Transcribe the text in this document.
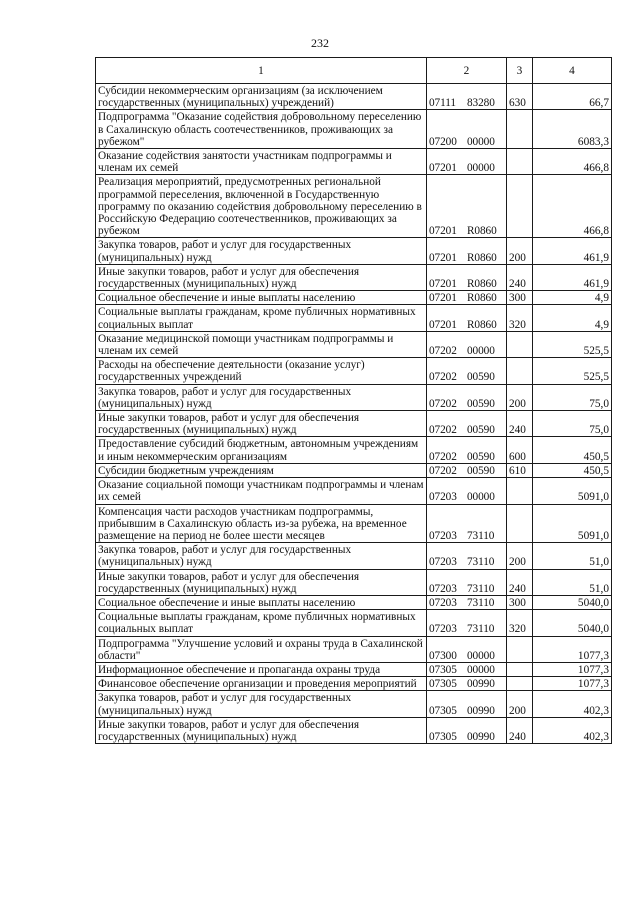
232
1	2	3	4
Субсидии некоммерческим организациям (за исключением государственных (муниципальных) учреждений)	07111 83280	630	66,7
Подпрограмма "Оказание содействия добровольному переселению в Сахалинскую область соотечественников, проживающих за рубежом"	07200 00000		6083,3
Оказание содействия занятости участникам подпрограммы и членам их семей	07201 00000		466,8
Реализация мероприятий, предусмотренных региональной программой переселения, включенной в Государственную программу по оказанию содействия добровольному переселению в Российскую Федерацию соотечественников, проживающих за рубежом	07201 R0860		466,8
Закупка товаров, работ и услуг для государственных (муниципальных) нужд	07201 R0860	200	461,9
Иные закупки товаров, работ и услуг для обеспечения государственных (муниципальных) нужд	07201 R0860	240	461,9
Социальное обеспечение и иные выплаты населению	07201 R0860	300	4,9
Социальные выплаты гражданам, кроме публичных нормативных социальных выплат	07201 R0860	320	4,9
Оказание медицинской помощи участникам подпрограммы и членам их семей	07202 00000		525,5
Расходы на обеспечение деятельности (оказание услуг) государственных учреждений	07202 00590		525,5
Закупка товаров, работ и услуг для государственных (муниципальных) нужд	07202 00590	200	75,0
Иные закупки товаров, работ и услуг для обеспечения государственных (муниципальных) нужд	07202 00590	240	75,0
Предоставление субсидий бюджетным, автономным учреждениям и иным некоммерческим организациям	07202 00590	600	450,5
Субсидии бюджетным учреждениям	07202 00590	610	450,5
Оказание социальной помощи участникам подпрограммы и членам их семей	07203 00000		5091,0
Компенсация части расходов участникам подпрограммы, прибывшим в Сахалинскую область из-за рубежа, на временное размещение на период не более шести месяцев	07203 73110		5091,0
Закупка товаров, работ и услуг для государственных (муниципальных) нужд	07203 73110	200	51,0
Иные закупки товаров, работ и услуг для обеспечения государственных (муниципальных) нужд	07203 73110	240	51,0
Социальное обеспечение и иные выплаты населению	07203 73110	300	5040,0
Социальные выплаты гражданам, кроме публичных нормативных социальных выплат	07203 73110	320	5040,0
Подпрограмма "Улучшение условий и охраны труда в Сахалинской области"	07300 00000		1077,3
Информационное обеспечение и пропаганда охраны труда	07305 00000		1077,3
Финансовое обеспечение организации и проведения мероприятий	07305 00990		1077,3
Закупка товаров, работ и услуг для государственных (муниципальных) нужд	07305 00990	200	402,3
Иные закупки товаров, работ и услуг для обеспечения государственных (муниципальных) нужд	07305 00990	240	402,3
